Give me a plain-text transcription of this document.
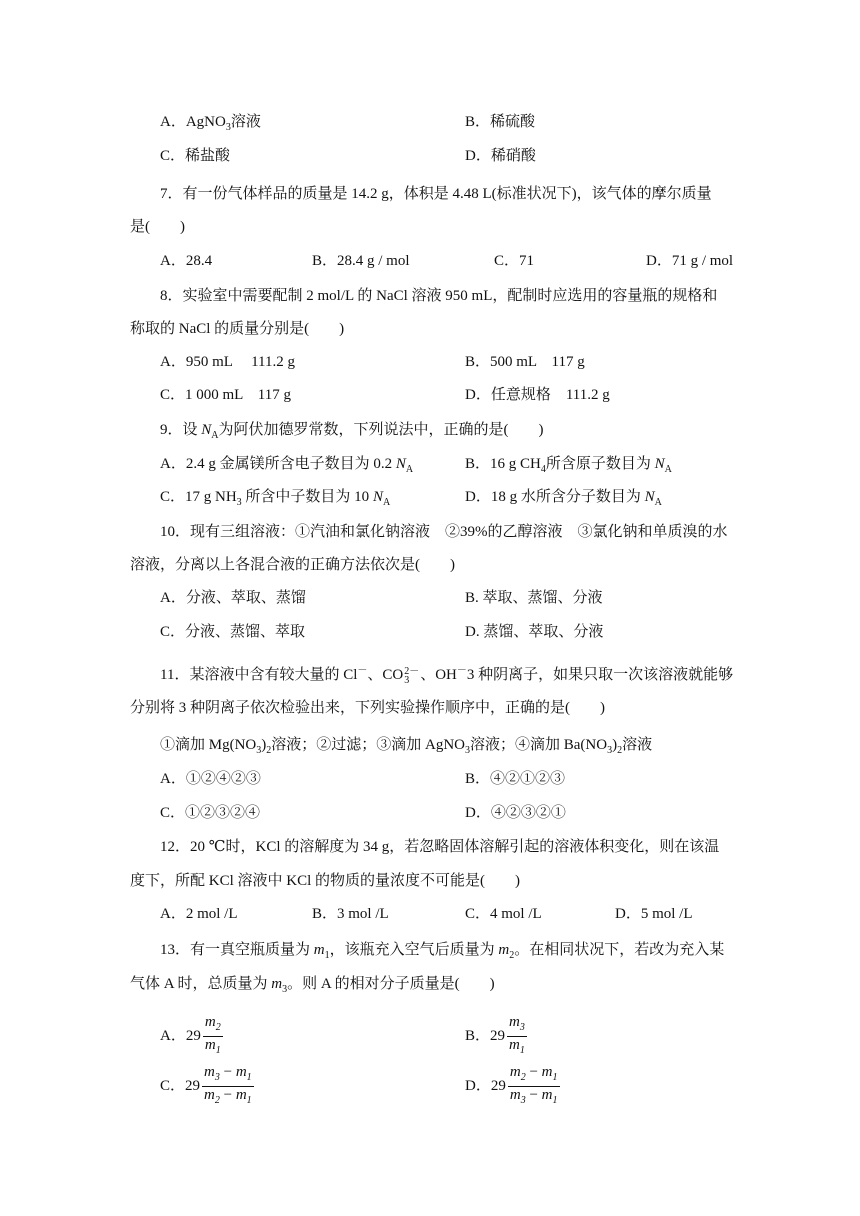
A．AgNO$_3$溶液	B．稀硫酸
C．稀盐酸	D．稀硝酸
7．有一份气体样品的质量是 14.2 g，体积是 4.48 L(标准状况下)，该气体的摩尔质量
是(　　)
A．28.4	B．28.4 g / mol	C．71	D．71 g / mol
8．实验室中需要配制 2 mol/L 的 NaCl 溶液 950 mL，配制时应选用的容量瓶的规格和
称取的 NaCl 的质量分别是(　　)
A．950 mL　 111.2 g	B．500 mL　117 g
C．1 000 mL　117 g	D．任意规格　111.2 g
9．设 $N_A$为阿伏加德罗常数，下列说法中，正确的是(　　)
A．2.4 g 金属镁所含电子数目为 0.2 $N_A$	B．16 g $CH_4$所含原子数目为 $N_A$
C．17 g $NH_3$ 所含中子数目为 10 $N_A$	D．18 g 水所含分子数目为 $N_A$
10．现有三组溶液：①汽油和氯化钠溶液　②39%的乙醇溶液　③氯化钠和单质溴的水
溶液，分离以上各混合液的正确方法依次是(　　)
A．分液、萃取、蒸馏	B. 萃取、蒸馏、分液
C．分液、蒸馏、萃取	D. 蒸馏、萃取、分液
11．某溶液中含有较大量的 Cl－、CO 2－
3 、OH－3 种阴离子，如果只取一次该溶液就能够
分别将 3 种阴离子依次检验出来，下列实验操作顺序中，正确的是(　　)
①滴加 $Mg(NO_3)_2$溶液；②过滤；③滴加 AgNO$_3$溶液；④滴加 $Ba(NO_3)_2$溶液
A．①②④②③	B．④②①②③
C．①②③②④	D．④②③②①
12．20 ℃时，KCl 的溶解度为 34 g，若忽略固体溶解引起的溶液体积变化，则在该温
度下，所配 KCl 溶液中 KCl 的物质的量浓度不可能是(　　)
A．2 mol /L	B．3 mol /L	C．4 mol /L	D．5 mol /L
13．有一真空瓶质量为 $m_1$，该瓶充入空气后质量为 $m_2$。在相同状况下，若改为充入某
气体 A 时，总质量为 $m_3$。则 A 的相对分子质量是(　　)
A．$29 \frac{m_2}{m_1}$	B．$29 \frac{m_3}{m_1}$
C．$29 \frac{m_3 - m_1}{m_2 - m_1}$	D．$29 \frac{m_2 - m_1}{m_3 - m_1}$
